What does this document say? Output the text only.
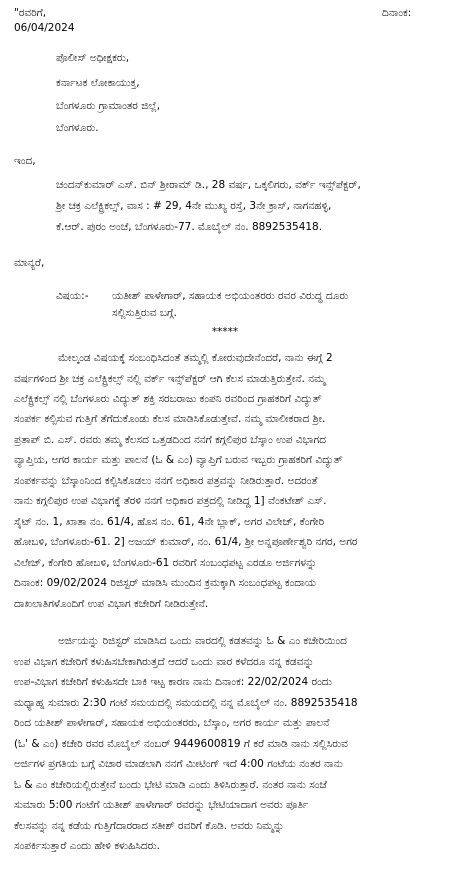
"ರವರಿಗೆ,	ದಿನಾಂಕ:
06/04/2024
ಪೊಲೀಸ್ ಅಧೀಕ್ಷಕರು,
ಕರ್ನಾಟಕ ಲೋಕಾಯುಕ್ತ,
ಬೆಂಗಳೂರು ಗ್ರಾಮಾಂತರ ಜಿಲ್ಲೆ,
ಬೆಂಗಳೂರು.
ಇಂದ,
ಚಂದನ್‌ಕುಮಾರ್ ಎಸ್. ಬಿನ್ ಶ್ರೀರಾಮ್ ಡಿ., 28 ವರ್ಷ, ಒಕ್ಕಲಿಗರು, ವರ್ಕ್ ಇನ್ಸ್‌ಪೆಕ್ಟರ್,
ಶ್ರೀ ಚಕ್ರ ಎಲೆಕ್ಟ್ರಿಕಲ್ಸ್, ವಾಸ : # 29, 4ನೇ ಮುಖ್ಯ ರಸ್ತೆ, 3ನೇ ಕ್ರಾಸ್, ನಾಗನಹಳ್ಳಿ,
ಕೆ.ಆರ್. ಪುರಂ ಅಂಚೆ, ಬೆಂಗಳೂರು-77. ಮೊಬೈಲ್ ನಂ. 8892535418.
ಮಾನ್ಯರೆ,
ವಿಷಯ:- ಯತೀಶ್ ಪಾಳೇಗಾರ್, ಸಹಾಯಕ ಅಭಿಯಂತರರು ರವರ ವಿರುದ್ಧ ದೂರು
ಸಲ್ಲಿಸುತ್ತಿರುವ ಬಗ್ಗೆ.
*****
ಮೇಲ್ಕಂಡ ವಿಷಯಕ್ಕೆ ಸಂಬಂಧಿಸಿದಂತೆ ತಮ್ಮಲ್ಲಿ ಕೋರುವುದೇನೆಂದರೆ, ನಾನು ಈಗ್ಗೆ 2
ವರ್ಷಗಳಿಂದ ಶ್ರೀ ಚಕ್ರ ಎಲೆಕ್ಟ್ರಿಕಲ್ಸ್ ನಲ್ಲಿ ವರ್ಕ್ ಇನ್ಸ್‌ಪೆಕ್ಟರ್ ಆಗಿ ಕೆಲಸ ಮಾಡುತ್ತಿರುತ್ತೇನೆ. ನಮ್ಮ
ಎಲೆಕ್ಟ್ರಿಕಲ್ಸ್ ನಲ್ಲಿ ಬೆಂಗಳೂರು ವಿದ್ಯುತ್ ಶಕ್ತಿ ಸರಬರಾಜು ಕಂಪನಿ ರವರಿಂದ ಗ್ರಾಹಕರಿಗೆ ವಿದ್ಯುತ್
ಸಂಪರ್ಕ ಕಲ್ಪಿಸುವ ಗುತ್ತಿಗೆ ತೆಗೆದುಕೊಂಡು ಕೆಲಸ ಮಾಡಿಸಿಕೊಡುತ್ತೇವೆ. ನಮ್ಮ ಮಾಲೀಕರಾದ ಶ್ರೀ.
ಪ್ರತಾಪ್ ಬಿ. ಎಸ್. ರವರು ತಮ್ಮ ಕೆಲಸದ ಒತ್ತಡದಿಂದ ನನಗೆ ಕಗ್ಗಲಿಪುರ ಬೆಸ್ಕಾಂ ಉಪ ವಿಭಾಗದ
ವ್ಯಾಪ್ತಿಯ, ಅಗರ ಕಾರ್ಯ ಮತ್ತು ಪಾಲನೆ (ಓ & ಎಂ) ವ್ಯಾಪ್ತಿಗೆ ಬರುವ ಇಬ್ಬರು ಗ್ರಾಹಕರಿಗೆ ವಿದ್ಯುತ್
ಸಂಪರ್ಕವನ್ನು ಬೆಸ್ಕಾಂನಿಂದ ಕಲ್ಪಿಸಿಕೊಡಲು ನನಗೆ ಅಧಿಕಾರ ಪತ್ರವನ್ನು ನೀಡಿರುತ್ತಾರೆ. ಅದರಂತೆ
ನಾನು ಕಗ್ಗಲಿಪುರ ಉಪ ವಿಭಾಗಕ್ಕೆ ತೆರಳಿ ನನಗೆ ಅಧಿಕಾರ ಪತ್ರದಲ್ಲಿ ನೀಡಿದ್ದ 1] ವೆಂಕಟೇಶ್ ಎಸ್.
ಸೈಟ್ ನಂ. 1, ಖಾತಾ ನಂ. 61/4, ಹೊಸ ನಂ. 61, 4ನೇ ಬ್ಲಾಕ್, ಅಗರ ವಿಲೇಜ್, ಕೆಂಗೇರಿ
ಹೋಬಳಿ, ಬೆಂಗಳೂರು-61. 2] ಅಜಯ್ ಕುಮಾರ್, ನಂ. 61/4, ಶ್ರೀ ಅನ್ನಪೂರ್ಣೇಶ್ವರಿ ನಗರ, ಅಗರ
ವಿಲೇಜ್, ಕೆಂಗೇರಿ ಹೋಬಳಿ, ಬೆಂಗಳೂರು-61 ರವರಿಗೆ ಸಂಬಂಧಪಟ್ಟ ಎರಡೂ ಅರ್ಜಿಗಳನ್ನು
ದಿನಾಂಕ: 09/02/2024 ರಿಜಿಸ್ಟರ್ ಮಾಡಿಸಿ ಮುಂದಿನ ಕ್ರಮಕ್ಕಾಗಿ ಸಂಬಂಧಪಟ್ಟ ಕಂದಾಯ
ದಾಖಲಾತಿಗಳೊಂದಿಗೆ ಉಪ ವಿಭಾಗ ಕಚೇರಿಗೆ ನೀಡಿರುತ್ತೇನೆ.
ಅರ್ಜಿಯನ್ನು ರಿಜಿಸ್ಟರ್ ಮಾಡಿಸಿದ ಒಂದು ವಾರದಲ್ಲಿ ಕಡತವನ್ನು ಓ & ಎಂ ಕಚೇರಿಯಿಂದ
ಉಪ ವಿಭಾಗ ಕಚೇರಿಗೆ ಕಳುಹಿಸಬೇಕಾಗಿರುತ್ತದೆ ಆದರೆ ಒಂದು ವಾರ ಕಳೆದರೂ ನನ್ನ ಕಡವನ್ನು
ಉಪ-ವಿಭಾಗ ಕಚೇರಿಗೆ ಕಳುಹಿಸದೇ ಬಾಕಿ ಇಟ್ಟ ಕಾರಣ ನಾನು ದಿನಾಂಕ: 22/02/2024 ರಂದು
ಮಧ್ಯಾಹ್ನ ಸುಮಾರು 2:30 ಗಂಟೆ ಸಮಯದಲ್ಲಿ ಸಮಯದಲ್ಲಿ ನನ್ನ ಮೊಬೈಲ್ ನಂ. 8892535418
ರಿಂದ ಯತೀಶ್ ಪಾಳೇಗಾರ್, ಸಹಾಯಕ ಅಭಿಯಂತರರು, ಬೆಸ್ಕಾಂ, ಅಗರ ಕಾರ್ಯ ಮತ್ತು ಪಾಲನೆ
(ಓ' & ಎಂ) ಕಚೇರಿ ರವರ ಮೊಬೈಲ್ ನಂಬರ್ 9449600819 ಗೆ ಕರೆ ಮಾಡಿ ನಾನು ಸಲ್ಲಿಸಿರುವ
ಅರ್ಜಿಗಳ ಪ್ರಗತಿಯ ಬಗ್ಗೆ ವಿಚಾರ ಮಾಡಲಾಗಿ ನನಗೆ ಮೀಟಿಂಗ್ ಇದೆ 4:00 ಗಂಟೆಯ ನಂತರ ನಾನು
ಓ & ಎಂ ಕಚೇರಿಯಲ್ಲಿರುತ್ತೇನೆ ಬಂದು ಭೇಟಿ ಮಾಡಿ ಎಂದು ತಿಳಿಸಿರುತ್ತಾರೆ. ನಂತರ ನಾನು ಸಂಜೆ
ಸುಮಾರು 5:00 ಗಂಟೆಗೆ ಯತೀಶ್ ಪಾಳೇಗಾರ್ ರವರನ್ನು ಭೇಟಿಯಾದಾಗ ಅವರು ಪೂರ್ತಿ
ಕೆಲಸವನ್ನು ನನ್ನ ಕಡೆಯ ಗುತ್ತಿಗೆದಾರರಾದ ಸತೀಶ್ ರವರಿಗೆ ಕೊಡಿ. ಅವರು ನಿಮ್ಮನ್ನು
ಸಂಪರ್ಕಿಸುತ್ತಾರೆ ಎಂದು ಹೇಳಿ ಕಳುಹಿಸಿದರು.
